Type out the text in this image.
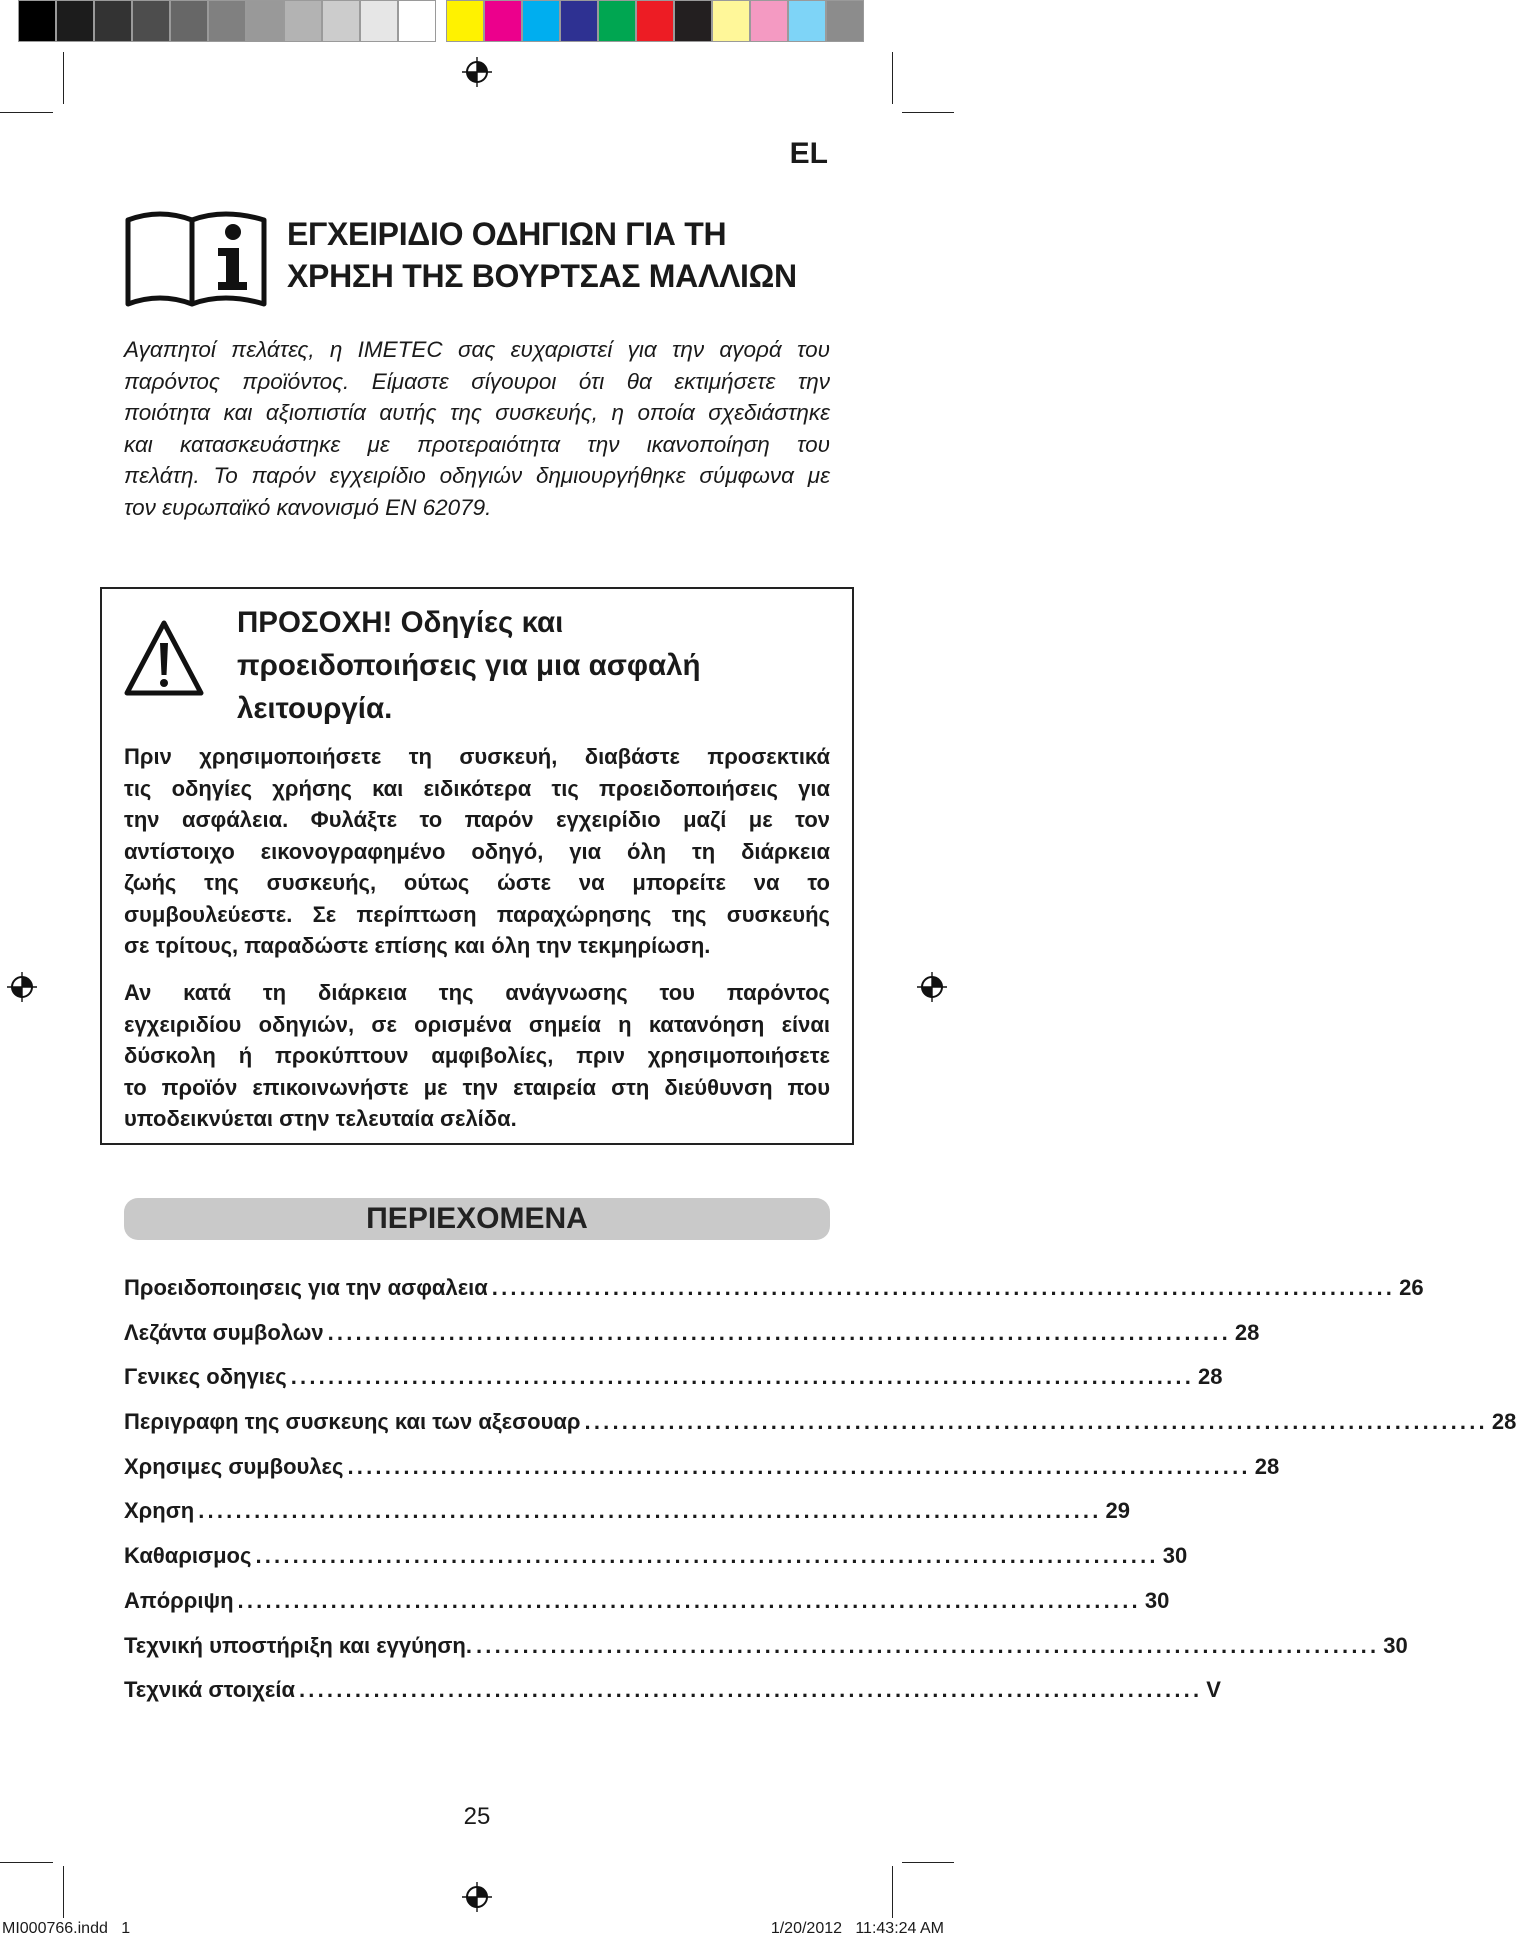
EL
ΕΓΧΕΙΡΙΔΙΟ ΟΔΗΓΙΩΝ ΓΙΑ ΤΗ
ΧΡΗΣΗ ΤΗΣ ΒΟΥΡΤΣΑΣ ΜΑΛΛΙΩΝ
Αγαπητοί πελάτες, η IMETEC σας ευχαριστεί για την αγορά του
παρόντος προϊόντος. Είμαστε σίγουροι ότι θα εκτιμήσετε την
ποιότητα και αξιοπιστία αυτής της συσκευής, η οποία σχεδιάστηκε
και κατασκευάστηκε με προτεραιότητα την ικανοποίηση του
πελάτη. Το παρόν εγχειρίδιο οδηγιών δημιουργήθηκε σύμφωνα με
τον ευρωπαϊκό κανονισμό EN 62079.
ΠΡΟΣΟΧΗ! Οδηγίες και
προειδοποιήσεις για μια ασφαλή
λειτουργία.
Πριν χρησιμοποιήσετε τη συσκευή, διαβάστε προσεκτικά
τις οδηγίες χρήσης και ειδικότερα τις προειδοποιήσεις για
την ασφάλεια. Φυλάξτε το παρόν εγχειρίδιο μαζί με τον
αντίστοιχο εικονογραφημένο οδηγό, για όλη τη διάρκεια
ζωής της συσκευής, ούτως ώστε να μπορείτε να το
συμβουλεύεστε. Σε περίπτωση παραχώρησης της συσκευής
σε τρίτους, παραδώστε επίσης και όλη την τεκμηρίωση.
Αν κατά τη διάρκεια της ανάγνωσης του παρόντος
εγχειριδίου οδηγιών, σε ορισμένα σημεία η κατανόηση είναι
δύσκολη ή προκύπτουν αμφιβολίες, πριν χρησιμοποιήσετε
το προϊόν επικοινωνήστε με την εταιρεία στη διεύθυνση που
υποδεικνύεται στην τελευταία σελίδα.
ΠΕΡΙΕΧΟΜΕΝΑ
Προειδοποιησεις για την ασφαλεια ................................................................................................. 26
Λεζάντα συμβολων ................................................................................................. 28
Γενικες οδηγιες ................................................................................................. 28
Περιγραφη της συσκευης και των αξεσουαρ ................................................................................................. 28
Χρησιμες συμβουλες ................................................................................................. 28
Χρηση ................................................................................................. 29
Καθαρισμος ................................................................................................. 30
Απόρριψη ................................................................................................. 30
Τεχνική υποστήριξη και εγγύηση. ................................................................................................. 30
Τεχνικά στοιχεία ................................................................................................. V
25
MI000766.indd   1	1/20/2012   11:43:24 AM
